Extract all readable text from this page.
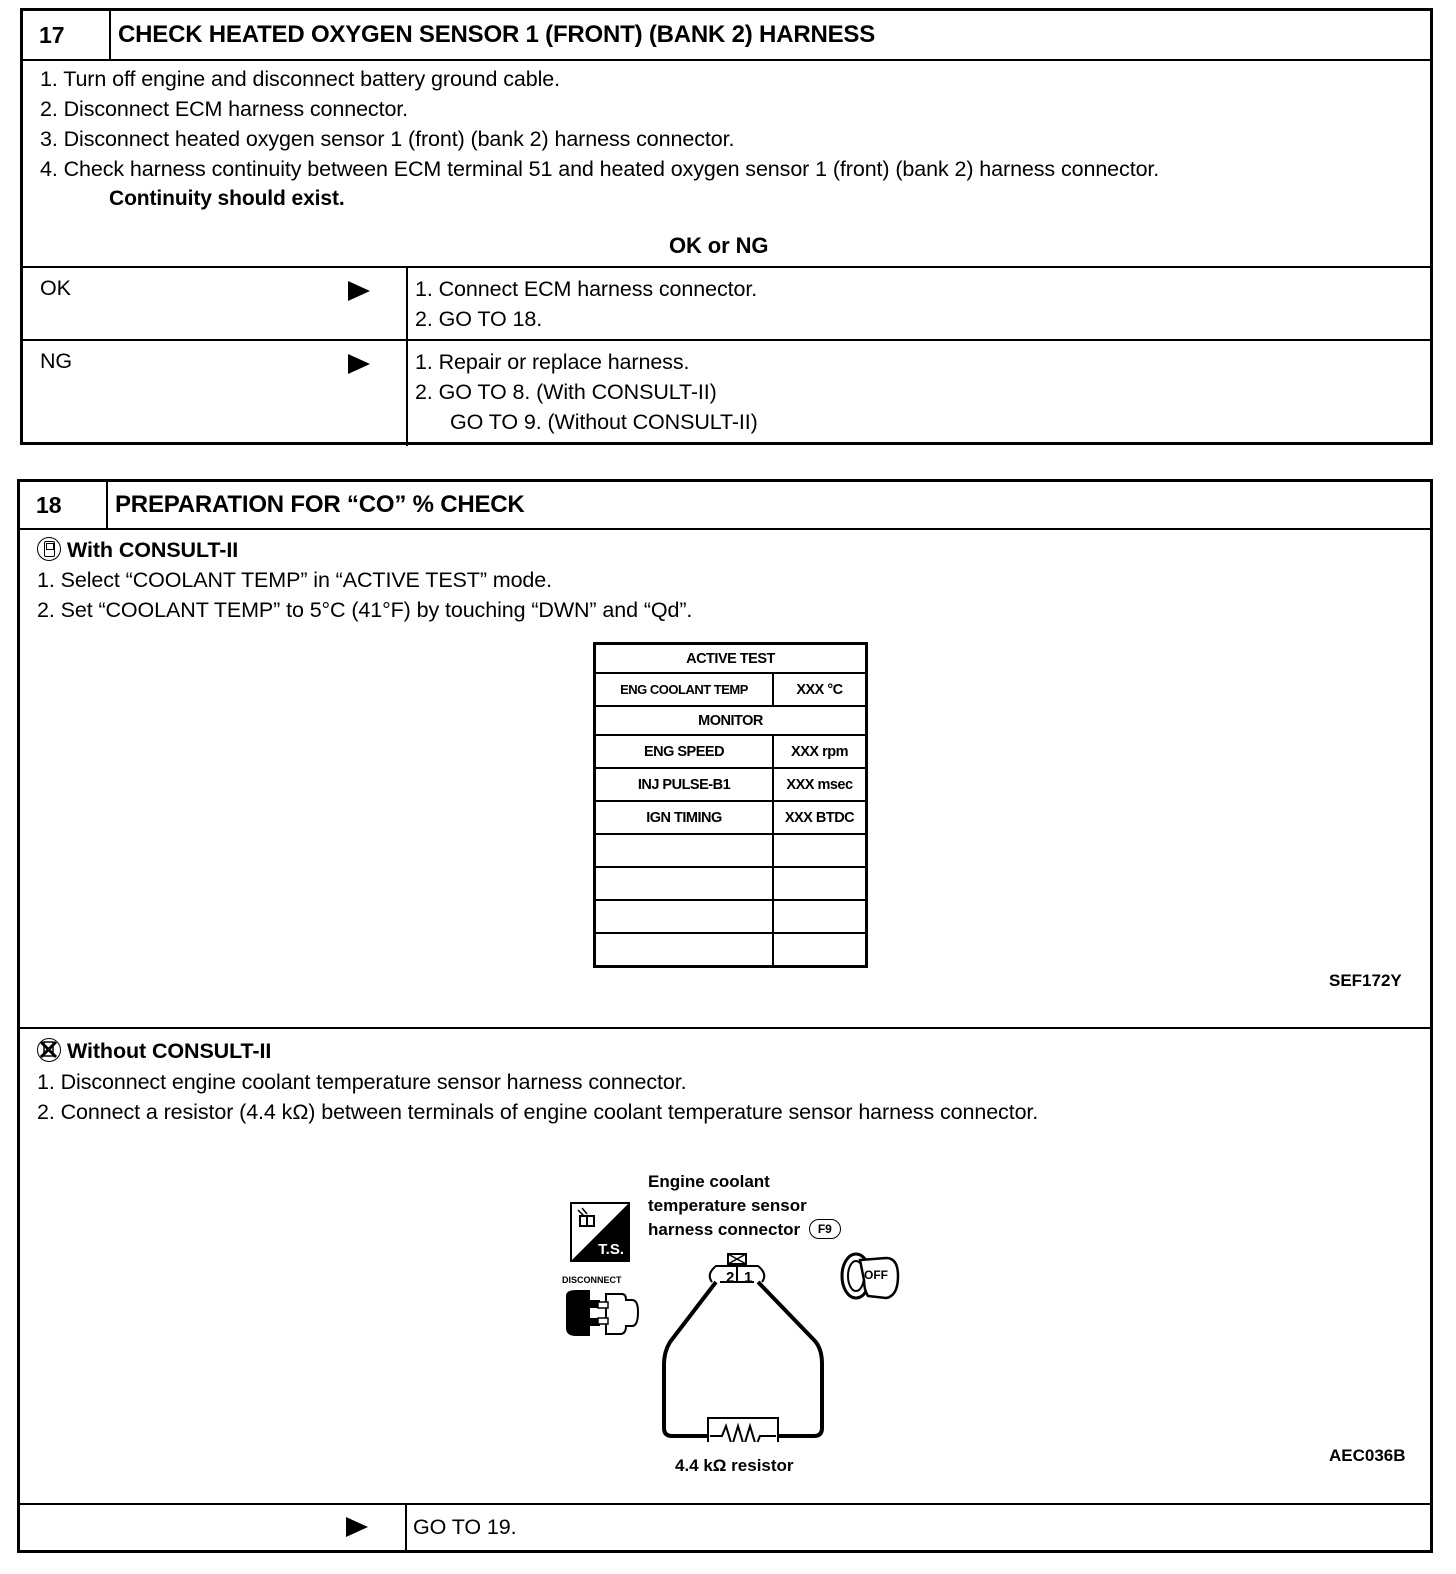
17	CHECK HEATED OXYGEN SENSOR 1 (FRONT) (BANK 2) HARNESS
1. Turn off engine and disconnect battery ground cable.
2. Disconnect ECM harness connector.
3. Disconnect heated oxygen sensor 1 (front) (bank 2) harness connector.
4. Check harness continuity between ECM terminal 51 and heated oxygen sensor 1 (front) (bank 2) harness connector.
Continuity should exist.
OK or NG
OK	1. Connect ECM harness connector.
2. GO TO 18.
NG	1. Repair or replace harness.
2. GO TO 8. (With CONSULT-II)
GO TO 9. (Without CONSULT-II)
18	PREPARATION FOR “CO” % CHECK
With CONSULT-II
1. Select “COOLANT TEMP” in “ACTIVE TEST” mode.
2. Set “COOLANT TEMP” to 5°C (41°F) by touching “DWN” and “Qd”.
ACTIVE TEST	
ENG COOLANT TEMP	XXX °C
MONITOR	
ENG SPEED	XXX rpm
INJ PULSE-B1	XXX msec
IGN TIMING	XXX BTDC

SEF172Y
Without CONSULT-II
1. Disconnect engine coolant temperature sensor harness connector.
2. Connect a resistor (4.4 kΩ) between terminals of engine coolant temperature sensor harness connector.
Engine coolant
temperature sensor
harness connector F9
T.S.
DISCONNECT	2 1	OFF
4.4 kΩ resistor
AEC036B
GO TO 19.
